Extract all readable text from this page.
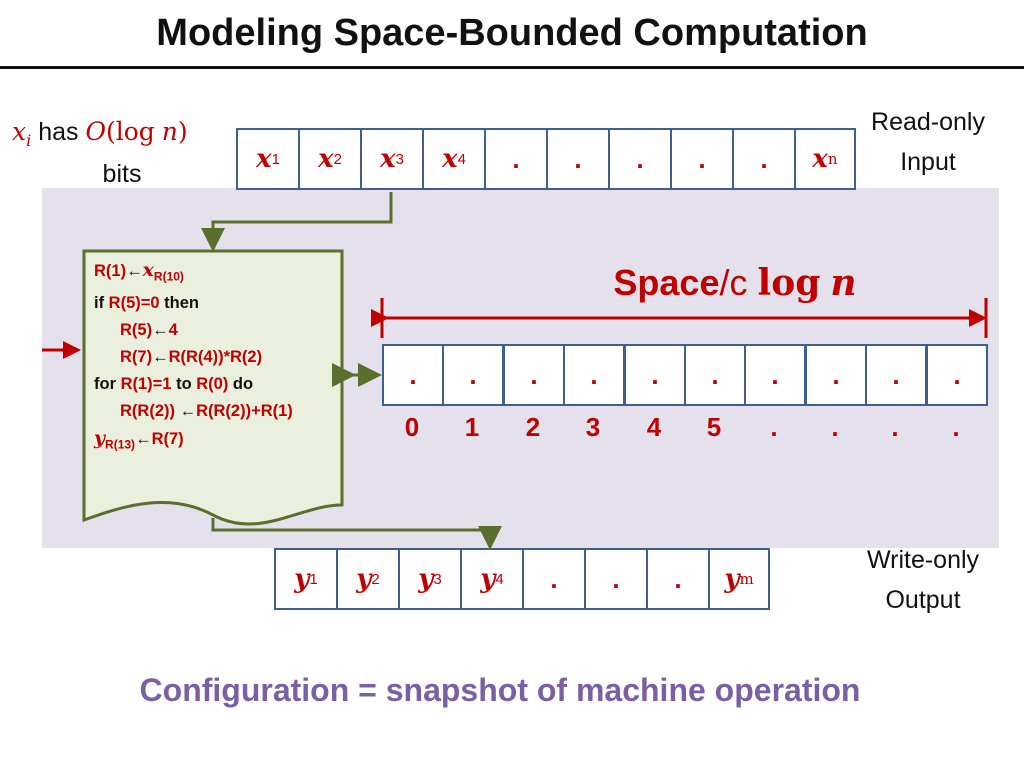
Modeling Space-Bounded Computation
$x_i$ has O(log n)
bits
Read-only
Input
Write-only
Output
x 1 x 2 x 3 x 4 . . . . . x n
.	.	.	.	.	.	.	.	.	.
0	1	2	3	4	5	.	.	.	.
y 1 y 2 y 3 y 4 . . . y m
$R(1)\leftarrow x_{R(10)}$
if R(5)=0 then
R(5)←4
R(7)←R(R(4))*R(2)
for R(1)=1 to R(0) do
R(R(2)) ←R(R(2))+R(1)
$y_{R(13)}\leftarrow R(7)$
Space/c log n
Configuration = snapshot of machine operation
